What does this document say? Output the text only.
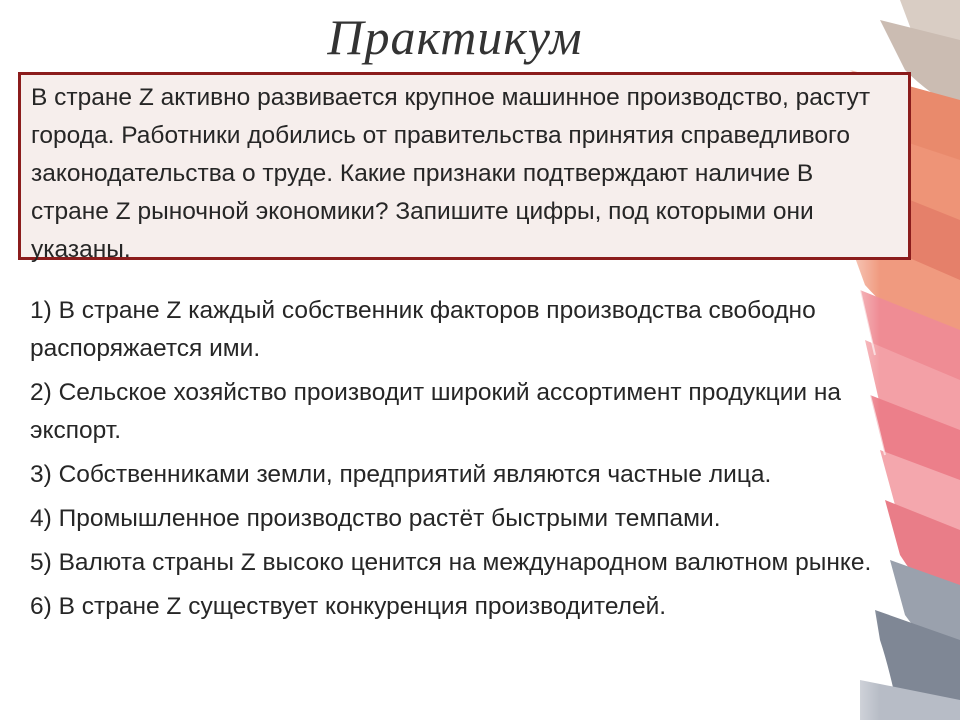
Практикум
В стране Z активно развивается крупное машинное производство, растут города. Работники добились от правительства принятия справедливого законодательства о труде. Какие признаки подтверждают наличие В стране Z рыночной экономики? Запишите цифры, под которыми они указаны.
1) В стране Z каждый собственник факторов производства свободно распоряжается ими.
2) Сельское хозяйство производит широкий ассортимент продукции на экспорт.
3) Собственниками земли, предприятий являются частные лица.
4) Промышленное производство растёт быстрыми темпами.
5) Валюта страны Z высоко ценится на международном валютном рынке.
6) В стране Z существует конкуренция производителей.
